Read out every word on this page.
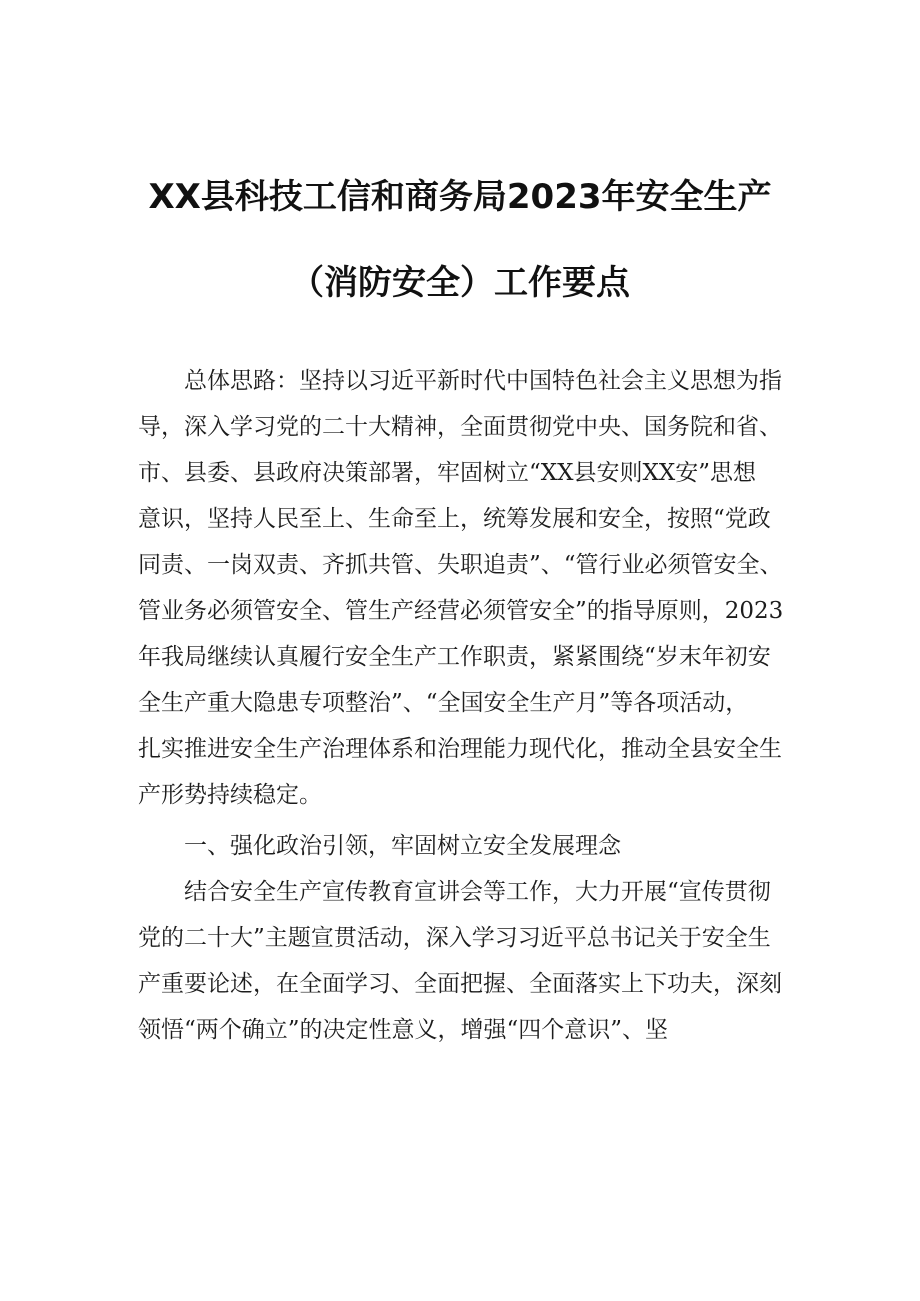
XX县科技工信和商务局2023年安全生产
（消防安全）工作要点
总体思路：坚持以习近平新时代中国特色社会主义思想为指
导，深入学习党的二十大精神，全面贯彻党中央、国务院和省、
市、县委、县政府决策部署，牢固树立“XX县安则XX安”思想
意识，坚持人民至上、生命至上，统筹发展和安全，按照“党政
同责、一岗双责、齐抓共管、失职追责”、“管行业必须管安全、
管业务必须管安全、管生产经营必须管安全”的指导原则，2023
年我局继续认真履行安全生产工作职责，紧紧围绕“岁末年初安
全生产重大隐患专项整治”、“全国安全生产月”等各项活动，
扎实推进安全生产治理体系和治理能力现代化，推动全县安全生
产形势持续稳定。
一、强化政治引领，牢固树立安全发展理念
结合安全生产宣传教育宣讲会等工作，大力开展“宣传贯彻
党的二十大”主题宣贯活动，深入学习习近平总书记关于安全生
产重要论述，在全面学习、全面把握、全面落实上下功夫，深刻
领悟“两个确立”的决定性意义，增强“四个意识”、坚
